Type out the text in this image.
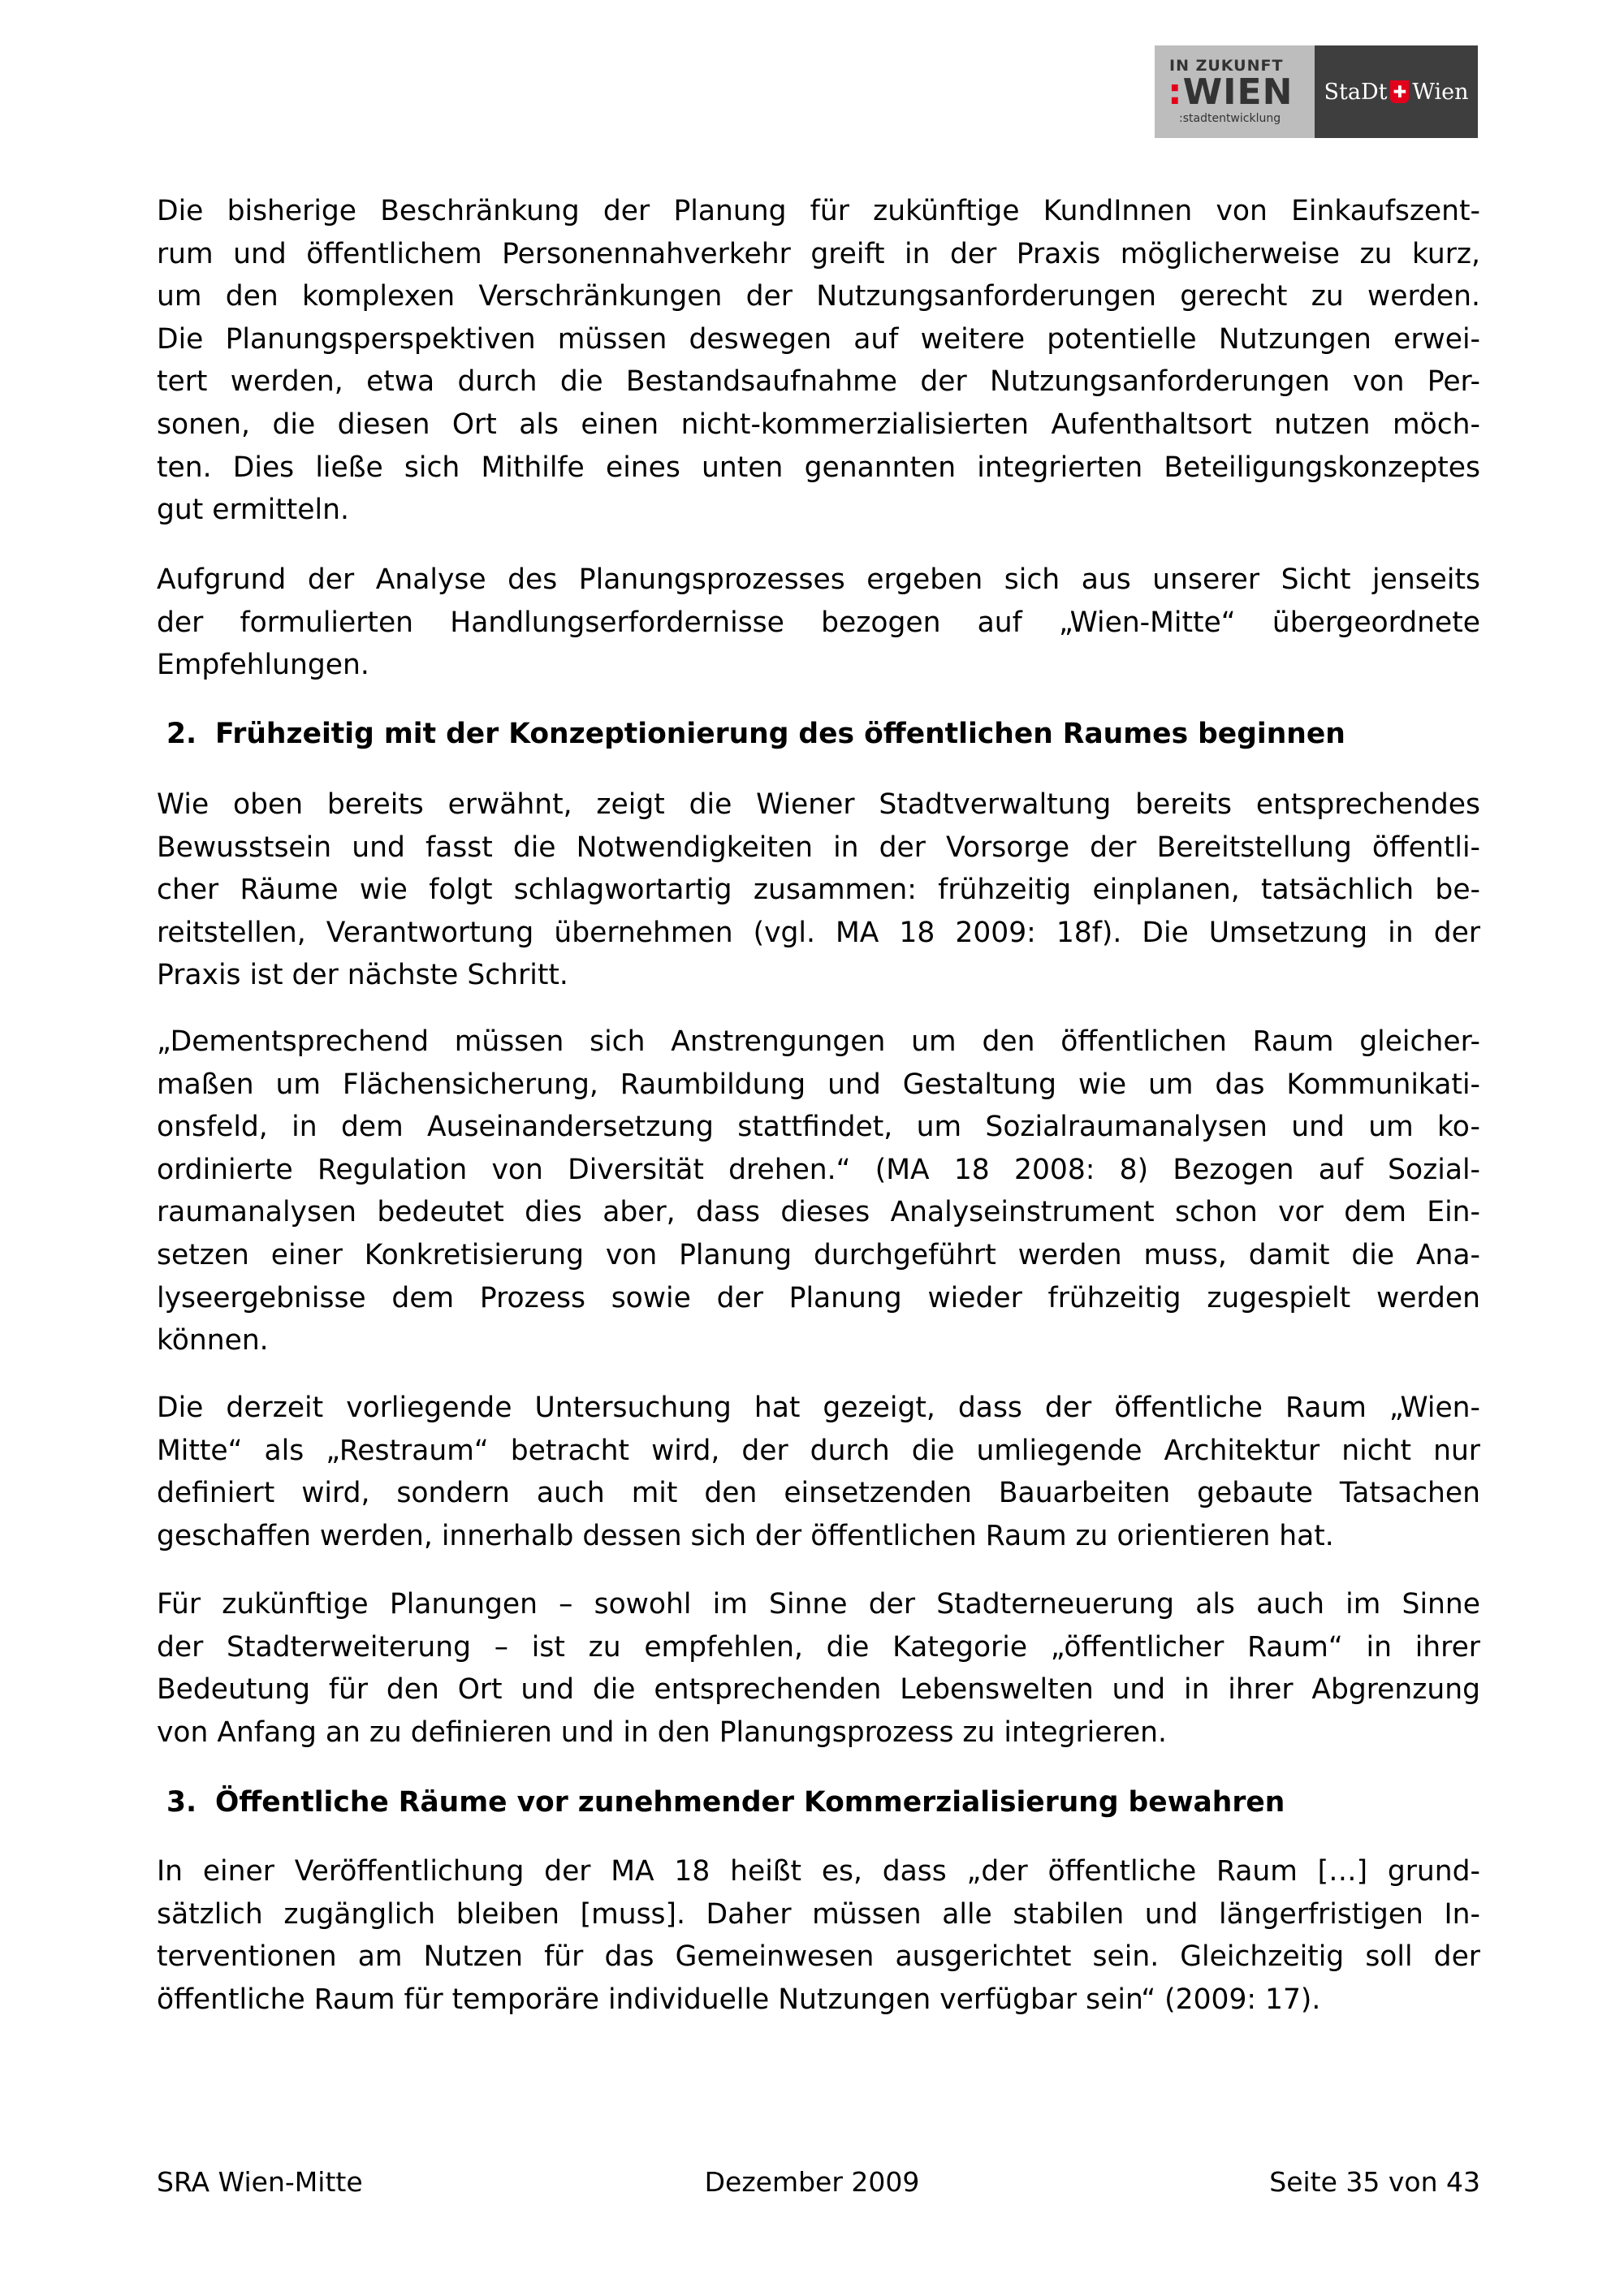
IN ZUKUNFT
:WIEN
:stadtentwicklung
StaDt ✚ Wien
Die bisherige Beschränkung der Planung für zukünftige KundInnen von Einkaufszent-
rum und öffentlichem Personennahverkehr greift in der Praxis möglicherweise zu kurz,
um den komplexen Verschränkungen der Nutzungsanforderungen gerecht zu werden.
Die Planungsperspektiven müssen deswegen auf weitere potentielle Nutzungen erwei-
tert werden, etwa durch die Bestandsaufnahme der Nutzungsanforderungen von Per-
sonen, die diesen Ort als einen nicht-kommerzialisierten Aufenthaltsort nutzen möch-
ten. Dies ließe sich Mithilfe eines unten genannten integrierten Beteiligungskonzeptes
gut ermitteln.
Aufgrund der Analyse des Planungsprozesses ergeben sich aus unserer Sicht jenseits
der formulierten Handlungserfordernisse bezogen auf „Wien-Mitte“ übergeordnete
Empfehlungen.
2. Frühzeitig mit der Konzeptionierung des öffentlichen Raumes beginnen
Wie oben bereits erwähnt, zeigt die Wiener Stadtverwaltung bereits entsprechendes
Bewusstsein und fasst die Notwendigkeiten in der Vorsorge der Bereitstellung öffentli-
cher Räume wie folgt schlagwortartig zusammen: frühzeitig einplanen, tatsächlich be-
reitstellen, Verantwortung übernehmen (vgl. MA 18 2009: 18f). Die Umsetzung in der
Praxis ist der nächste Schritt.
„Dementsprechend müssen sich Anstrengungen um den öffentlichen Raum gleicher-
maßen um Flächensicherung, Raumbildung und Gestaltung wie um das Kommunikati-
onsfeld, in dem Auseinandersetzung stattfindet, um Sozialraumanalysen und um ko-
ordinierte Regulation von Diversität drehen.“ (MA 18 2008: 8) Bezogen auf Sozial-
raumanalysen bedeutet dies aber, dass dieses Analyseinstrument schon vor dem Ein-
setzen einer Konkretisierung von Planung durchgeführt werden muss, damit die Ana-
lyseergebnisse dem Prozess sowie der Planung wieder frühzeitig zugespielt werden
können.
Die derzeit vorliegende Untersuchung hat gezeigt, dass der öffentliche Raum „Wien-
Mitte“ als „Restraum“ betracht wird, der durch die umliegende Architektur nicht nur
definiert wird, sondern auch mit den einsetzenden Bauarbeiten gebaute Tatsachen
geschaffen werden, innerhalb dessen sich der öffentlichen Raum zu orientieren hat.
Für zukünftige Planungen – sowohl im Sinne der Stadterneuerung als auch im Sinne
der Stadterweiterung – ist zu empfehlen, die Kategorie „öffentlicher Raum“ in ihrer
Bedeutung für den Ort und die entsprechenden Lebenswelten und in ihrer Abgrenzung
von Anfang an zu definieren und in den Planungsprozess zu integrieren.
3. Öffentliche Räume vor zunehmender Kommerzialisierung bewahren
In einer Veröffentlichung der MA 18 heißt es, dass „der öffentliche Raum […] grund-
sätzlich zugänglich bleiben [muss]. Daher müssen alle stabilen und längerfristigen In-
terventionen am Nutzen für das Gemeinwesen ausgerichtet sein. Gleichzeitig soll der
öffentliche Raum für temporäre individuelle Nutzungen verfügbar sein“ (2009: 17).
SRA Wien-Mitte	Dezember 2009	Seite 35 von 43
